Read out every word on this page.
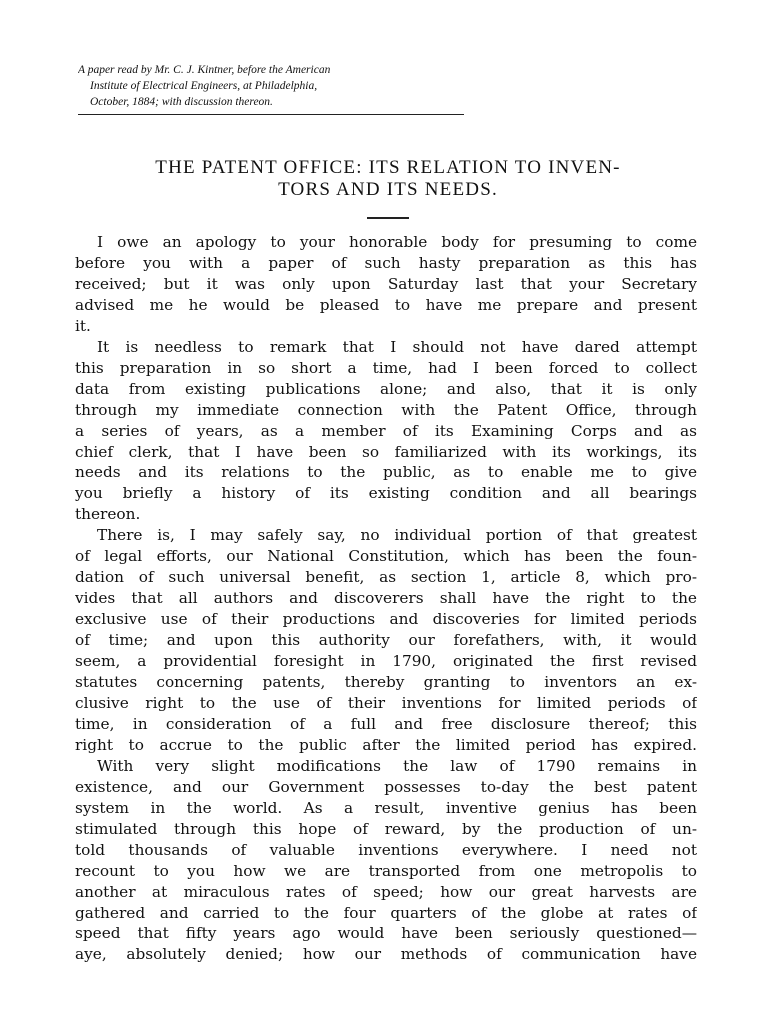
A paper read by Mr. C. J. Kintner, before the American
Institute of Electrical Engineers, at Philadelphia,
October, 1884; with discussion thereon.
THE PATENT OFFICE: ITS RELATION TO INVEN-
TORS AND ITS NEEDS.
I owe an apology to your honorable body for presuming to come
before you with a paper of such hasty preparation as this has
received; but it was only upon Saturday last that your Secretary
advised me he would be pleased to have me prepare and present
it.
It is needless to remark that I should not have dared attempt
this preparation in so short a time, had I been forced to collect
data from existing publications alone; and also, that it is only
through my immediate connection with the Patent Office, through
a series of years, as a member of its Examining Corps and as
chief clerk, that I have been so familiarized with its workings, its
needs and its relations to the public, as to enable me to give
you briefly a history of its existing condition and all bearings
thereon.
There is, I may safely say, no individual portion of that greatest
of legal efforts, our National Constitution, which has been the foun-
dation of such universal benefit, as section 1, article 8, which pro-
vides that all authors and discoverers shall have the right to the
exclusive use of their productions and discoveries for limited periods
of time; and upon this authority our forefathers, with, it would
seem, a providential foresight in 1790, originated the first revised
statutes concerning patents, thereby granting to inventors an ex-
clusive right to the use of their inventions for limited periods of
time, in consideration of a full and free disclosure thereof; this
right to accrue to the public after the limited period has expired.
With very slight modifications the law of 1790 remains in
existence, and our Government possesses to-day the best patent
system in the world. As a result, inventive genius has been
stimulated through this hope of reward, by the production of un-
told thousands of valuable inventions everywhere. I need not
recount to you how we are transported from one metropolis to
another at miraculous rates of speed; how our great harvests are
gathered and carried to the four quarters of the globe at rates of
speed that fifty years ago would have been seriously questioned—
aye, absolutely denied; how our methods of communication have
